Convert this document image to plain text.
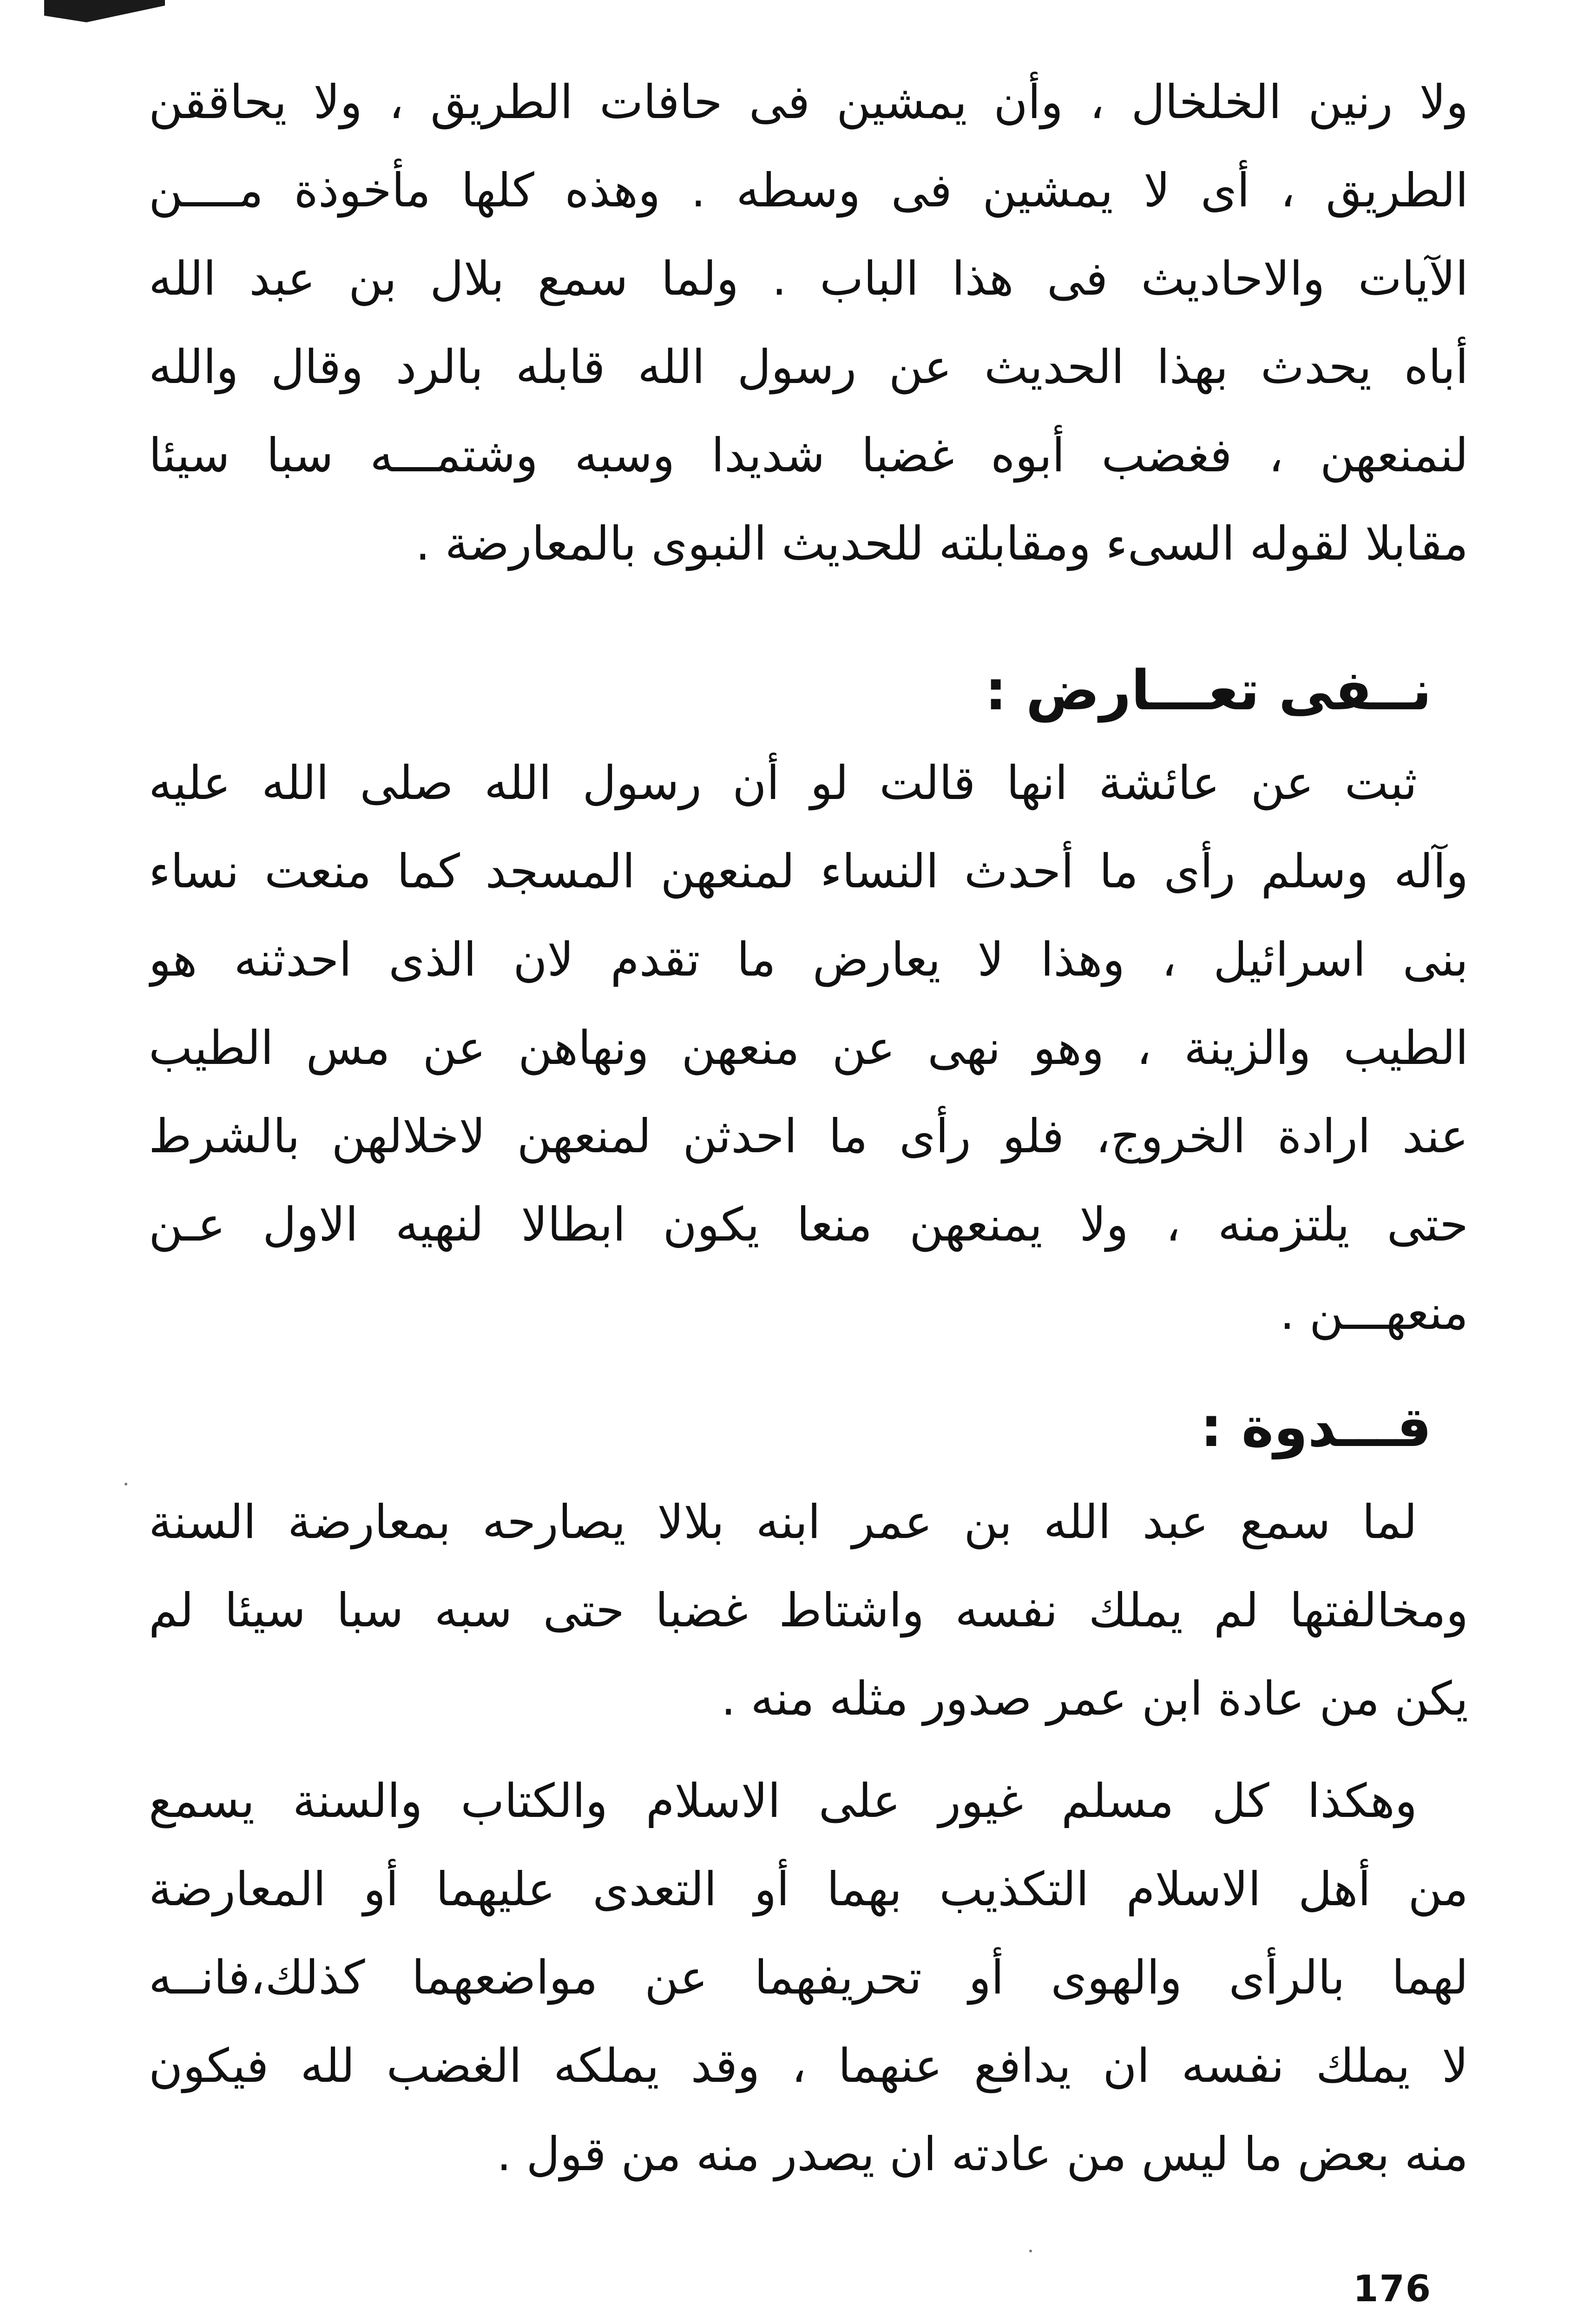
ولا رنين الخلخال ، وأن يمشين فى حافات الطريق ، ولا يحاققن
الطريق ، أى لا يمشين فى وسطه . وهذه كلها مأخوذة مــــن
الآيات والاحاديث فى هذا الباب . ولما سمع بلال بن عبد الله
أباه يحدث بهذا الحديث عن رسول الله قابله بالرد وقال والله
لنمنعهن ، فغضب أبوه غضبا شديدا وسبه وشتمـــه سبا سيئا
مقابلا لقوله السىء ومقابلته للحديث النبوى بالمعارضة .
نــفى تعـــارض :
ثبت عن عائشة انها قالت لو أن رسول الله صلى الله عليه
وآله وسلم رأى ما أحدث النساء لمنعهن المسجد كما منعت نساء
بنى اسرائيل ، وهذا لا يعارض ما تقدم لان الذى احدثنه هو
الطيب والزينة ، وهو نهى عن منعهن ونهاهن عن مس الطيب
عند ارادة الخروج، فلو رأى ما احدثن لمنعهن لاخلالهن بالشرط
حتى يلتزمنه ، ولا يمنعهن منعا يكون ابطالا لنهيه الاول عـن
منعهـــن .
قـــدوة :
لما سمع عبد الله بن عمر ابنه بلالا يصارحه بمعارضة السنة
ومخالفتها لم يملك نفسه واشتاط غضبا حتى سبه سبا سيئا لم
يكن من عادة ابن عمر صدور مثله منه .
وهكذا كل مسلم غيور على الاسلام والكتاب والسنة يسمع
من أهل الاسلام التكذيب بهما أو التعدى عليهما أو المعارضة
لهما بالرأى والهوى أو تحريفهما عن مواضعهما كذلك،فانــه
لا يملك نفسه ان يدافع عنهما ، وقد يملكه الغضب لله فيكون
منه بعض ما ليس من عادته ان يصدر منه من قول .
176
